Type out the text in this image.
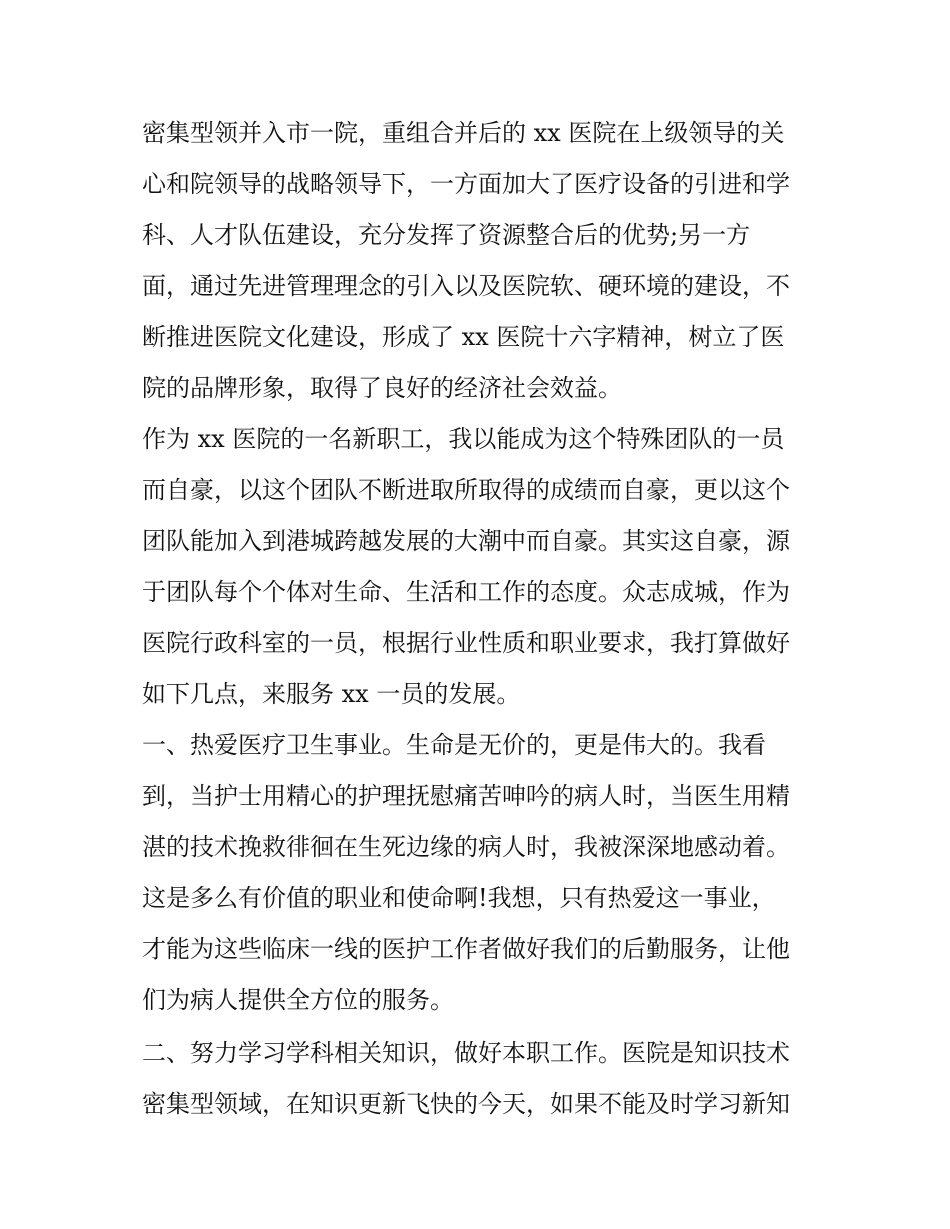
密集型领并入市一院，重组合并后的 xx 医院在上级领导的关
心和院领导的战略领导下，一方面加大了医疗设备的引进和学
科、人才队伍建设，充分发挥了资源整合后的优势;另一方
面，通过先进管理理念的引入以及医院软、硬环境的建设，不
断推进医院文化建设，形成了 xx 医院十六字精神，树立了医
院的品牌形象，取得了良好的经济社会效益。
作为 xx 医院的一名新职工，我以能成为这个特殊团队的一员
而自豪，以这个团队不断进取所取得的成绩而自豪，更以这个
团队能加入到港城跨越发展的大潮中而自豪。其实这自豪，源
于团队每个个体对生命、生活和工作的态度。众志成城，作为
医院行政科室的一员，根据行业性质和职业要求，我打算做好
如下几点，来服务 xx 一员的发展。
一、热爱医疗卫生事业。生命是无价的，更是伟大的。我看
到，当护士用精心的护理抚慰痛苦呻吟的病人时，当医生用精
湛的技术挽救徘徊在生死边缘的病人时，我被深深地感动着。
这是多么有价值的职业和使命啊!我想，只有热爱这一事业，
才能为这些临床一线的医护工作者做好我们的后勤服务，让他
们为病人提供全方位的服务。
二、努力学习学科相关知识，做好本职工作。医院是知识技术
密集型领域，在知识更新飞快的今天，如果不能及时学习新知
